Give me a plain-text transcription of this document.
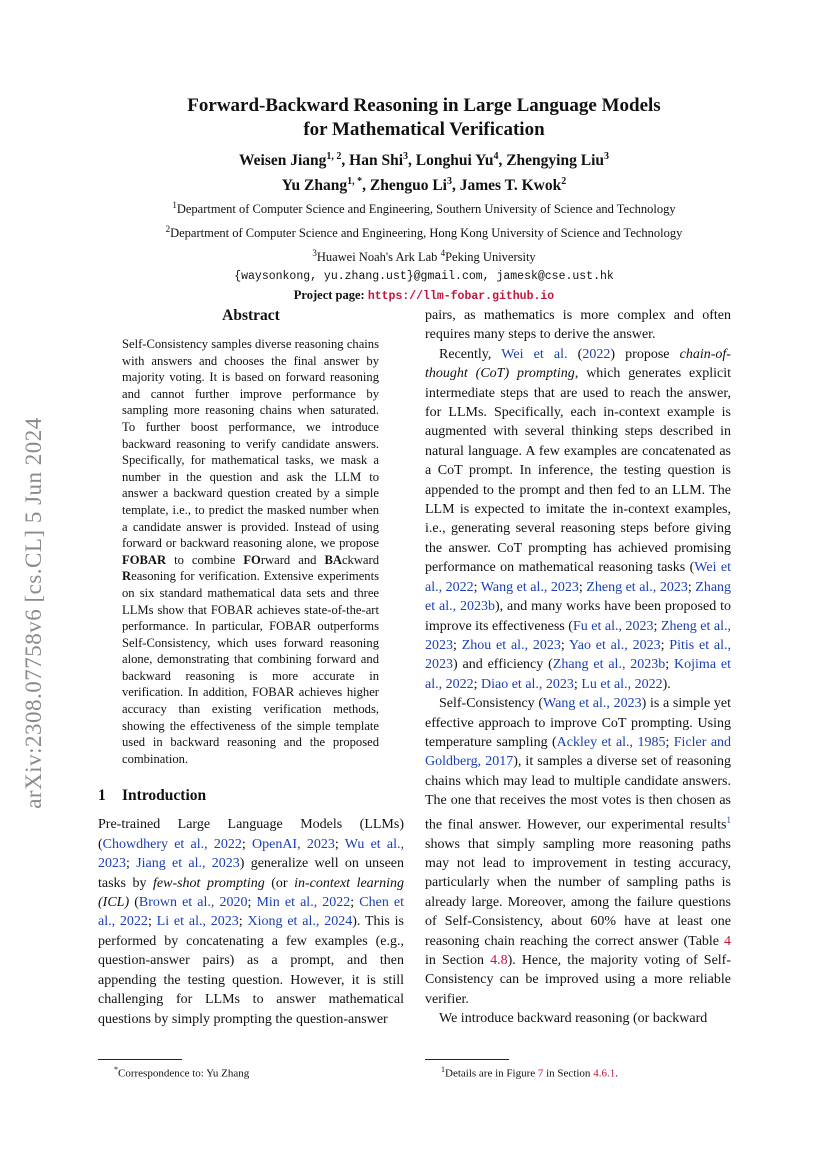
arXiv:2308.07758v6 [cs.CL] 5 Jun 2024
Forward-Backward Reasoning in Large Language Models
for Mathematical Verification
Weisen Jiang$^{1, 2}$, Han Shi$^3$, Longhui Yu$^4$, Zhengying Liu$^3$
Yu Zhang$^{1, *}$, Zhenguo Li$^3$, James T. Kwok$^2$
$^1$Department of Computer Science and Engineering, Southern University of Science and Technology
$^2$Department of Computer Science and Engineering, Hong Kong University of Science and Technology
$^3$Huawei Noah's Ark Lab $^4$Peking University
{waysonkong, yu.zhang.ust}@gmail.com, jamesk@cse.ust.hk
Project page: https://llm-fobar.github.io
Abstract

Self-Consistency samples diverse reasoning chains with answers and chooses the final answer by majority voting. It is based on forward reasoning and cannot further improve performance by sampling more reasoning chains when saturated. To further boost performance, we introduce backward reasoning to verify candidate answers. Specifically, for mathematical tasks, we mask a number in the question and ask the LLM to answer a backward question created by a simple template, i.e., to predict the masked number when a candidate answer is provided. Instead of using forward or backward reasoning alone, we propose FOBAR to combine FOrward and BAckward Reasoning for verification. Extensive experiments on six standard mathematical data sets and three LLMs show that FOBAR achieves state-of-the-art performance. In particular, FOBAR outperforms Self-Consistency, which uses forward reasoning alone, demonstrating that combining forward and backward reasoning is more accurate in verification. In addition, FOBAR achieves higher accuracy than existing verification methods, showing the effectiveness of the simple template used in backward reasoning and the proposed combination.

1 Introduction

Pre-trained Large Language Models (LLMs) (Chowdhery et al., 2022; OpenAI, 2023; Wu et al., 2023; Jiang et al., 2023) generalize well on unseen tasks by few-shot prompting (or in-context learning (ICL) (Brown et al., 2020; Min et al., 2022; Chen et al., 2022; Li et al., 2023; Xiong et al., 2024). This is performed by concatenating a few examples (e.g., question-answer pairs) as a prompt, and then appending the testing question. However, it is still challenging for LLMs to answer mathematical questions by simply prompting the question-answer

pairs, as mathematics is more complex and often requires many steps to derive the answer.

Recently, Wei et al. (2022) propose chain-of-thought (CoT) prompting, which generates explicit intermediate steps that are used to reach the answer, for LLMs. Specifically, each in-context example is augmented with several thinking steps described in natural language. A few examples are concatenated as a CoT prompt. In inference, the testing question is appended to the prompt and then fed to an LLM. The LLM is expected to imitate the in-context examples, i.e., generating several reasoning steps before giving the answer. CoT prompting has achieved promising performance on mathematical reasoning tasks (Wei et al., 2022; Wang et al., 2023; Zheng et al., 2023; Zhang et al., 2023b), and many works have been proposed to improve its effectiveness (Fu et al., 2023; Zheng et al., 2023; Zhou et al., 2023; Yao et al., 2023; Pitis et al., 2023) and efficiency (Zhang et al., 2023b; Kojima et al., 2022; Diao et al., 2023; Lu et al., 2022).

Self-Consistency (Wang et al., 2023) is a simple yet effective approach to improve CoT prompting. Using temperature sampling (Ackley et al., 1985; Ficler and Goldberg, 2017), it samples a diverse set of reasoning chains which may lead to multiple candidate answers. The one that receives the most votes is then chosen as the final answer. However, our experimental results$^1$ shows that simply sampling more reasoning paths may not lead to improvement in testing accuracy, particularly when the number of sampling paths is already large. Moreover, among the failure questions of Self-Consistency, about 60% have at least one reasoning chain reaching the correct answer (Table 4 in Section 4.8). Hence, the majority voting of Self-Consistency can be improved using a more reliable verifier.

We introduce backward reasoning (or backward

*Correspondence to: Yu Zhang	$^1$Details are in Figure 7 in Section 4.6.1.
